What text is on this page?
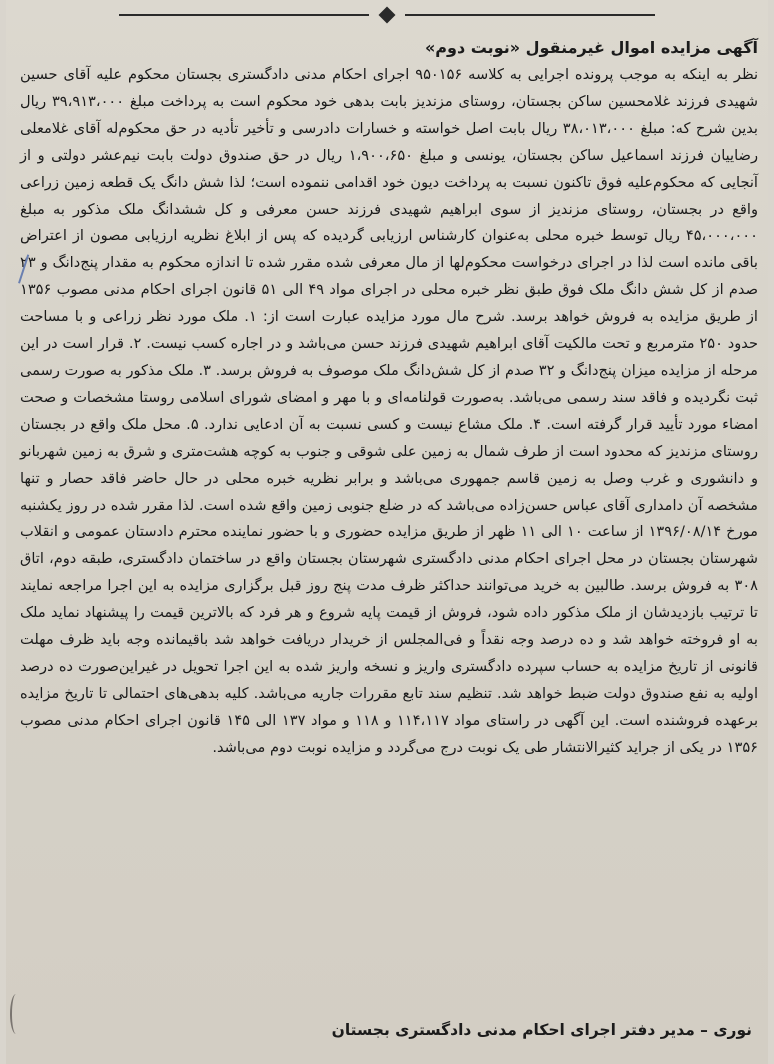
آگهی مزایده اموال غیرمنقول «نوبت دوم»

نظر به اینکه به موجب پرونده اجرایی به کلاسه ۹۵۰۱۵۶ اجرای احکام مدنی دادگستری بجستان محکوم علیه آقای حسین شهیدی فرزند غلامحسین ساکن بجستان، روستای مزندیز بابت بدهی خود محکوم است به پرداخت مبلغ ۳۹،۹۱۳،۰۰۰ ریال بدین شرح که: مبلغ ۳۸،۰۱۳،۰۰۰ ریال بابت اصل خواسته و خسارات دادرسی و تأخیر تأدیه در حق محکوم‌له آقای غلامعلی رضاییان فرزند اسماعیل ساکن بجستان، یونسی و مبلغ ۱،۹۰۰،۶۵۰ ریال در حق صندوق دولت بابت نیم‌عشر دولتی و از آنجایی که محکوم‌علیه فوق تاکنون نسبت به پرداخت دیون خود اقدامی ننموده است؛ لذا شش دانگ یک قطعه زمین زراعی واقع در بجستان، روستای مزندیز از سوی ابراهیم شهیدی فرزند حسن معرفی و کل ششدانگ ملک مذکور به مبلغ ۴۵،۰۰۰،۰۰۰ ریال توسط خبره محلی به‌عنوان کارشناس ارزیابی گردیده که پس از ابلاغ نظریه ارزیابی مصون از اعتراض باقی مانده است لذا در اجرای درخواست محکوم‌لها از مال معرفی شده مقرر شده تا اندازه محکوم به مقدار پنج‌دانگ و ۲۳ صدم از کل شش دانگ ملک فوق طبق نظر خبره محلی در اجرای مواد ۴۹ الی ۵۱ قانون اجرای احکام مدنی مصوب ۱۳۵۶ از طریق مزایده به فروش خواهد برسد. شرح مال مورد مزایده عبارت است از: ۱. ملک مورد نظر زراعی و با مساحت حدود ۲۵۰ مترمربع و تحت مالکیت آقای ابراهیم شهیدی فرزند حسن می‌باشد و در اجاره کسب نیست. ۲. قرار است در این مرحله از مزایده میزان پنج‌دانگ و ۳۲ صدم از کل شش‌دانگ ملک موصوف به فروش برسد. ۳. ملک مذکور به صورت رسمی ثبت نگردیده و فاقد سند رسمی می‌باشد. به‌صورت قولنامه‌ای و با مهر و امضای شورای اسلامی روستا مشخصات و صحت امضاء مورد تأیید قرار گرفته است. ۴. ملک مشاع نیست و کسی نسبت به آن ادعایی ندارد. ۵. محل ملک واقع در بجستان روستای مزندیز که محدود است از طرف شمال به زمین علی شوقی و جنوب به کوچه هشت‌متری و شرق به زمین شهربانو و دانشوری و غرب وصل به زمین قاسم جمهوری می‌باشد و برابر نظریه خبره محلی در حال حاضر فاقد حصار و تنها مشخصه آن دامداری آقای عباس حسن‌زاده می‌باشد که در ضلع جنوبی زمین واقع شده است. لذا مقرر شده در روز یکشنبه مورخ ۱۳۹۶/۰۸/۱۴ از ساعت ۱۰ الی ۱۱ ظهر از طریق مزایده حضوری و با حضور نماینده محترم دادستان عمومی و انقلاب شهرستان بجستان در محل اجرای احکام مدنی دادگستری شهرستان بجستان واقع در ساختمان دادگستری، طبقه دوم، اتاق ۳۰۸ به فروش برسد. طالبین به خرید می‌توانند حداکثر ظرف مدت پنج روز قبل برگزاری مزایده به این اجرا مراجعه نمایند تا ترتیب بازدیدشان از ملک مذکور داده شود، فروش از قیمت پایه شروع و هر فرد که بالاترین قیمت را پیشنهاد نماید ملک به او فروخته خواهد شد و ده درصد وجه نقداً و فی‌المجلس از خریدار دریافت خواهد شد باقیمانده وجه باید ظرف مهلت قانونی از تاریخ مزایده به حساب سپرده دادگستری واریز و نسخه واریز شده به این اجرا تحویل در غیراین‌صورت ده درصد اولیه به نفع صندوق دولت ضبط خواهد شد. تنظیم سند تابع مقررات جاریه می‌باشد. کلیه بدهی‌های احتمالی تا تاریخ مزایده برعهده فروشنده است. این آگهی در راستای مواد ۱۱۴،۱۱۷ و ۱۱۸ و مواد ۱۳۷ الی ۱۴۵ قانون اجرای احکام مدنی مصوب ۱۳۵۶ در یکی از جراید کثیرالانتشار طی یک نوبت درج می‌گردد و مزایده نوبت دوم می‌باشد.

نوری – مدیر دفتر اجرای احکام مدنی دادگستری بجستان
